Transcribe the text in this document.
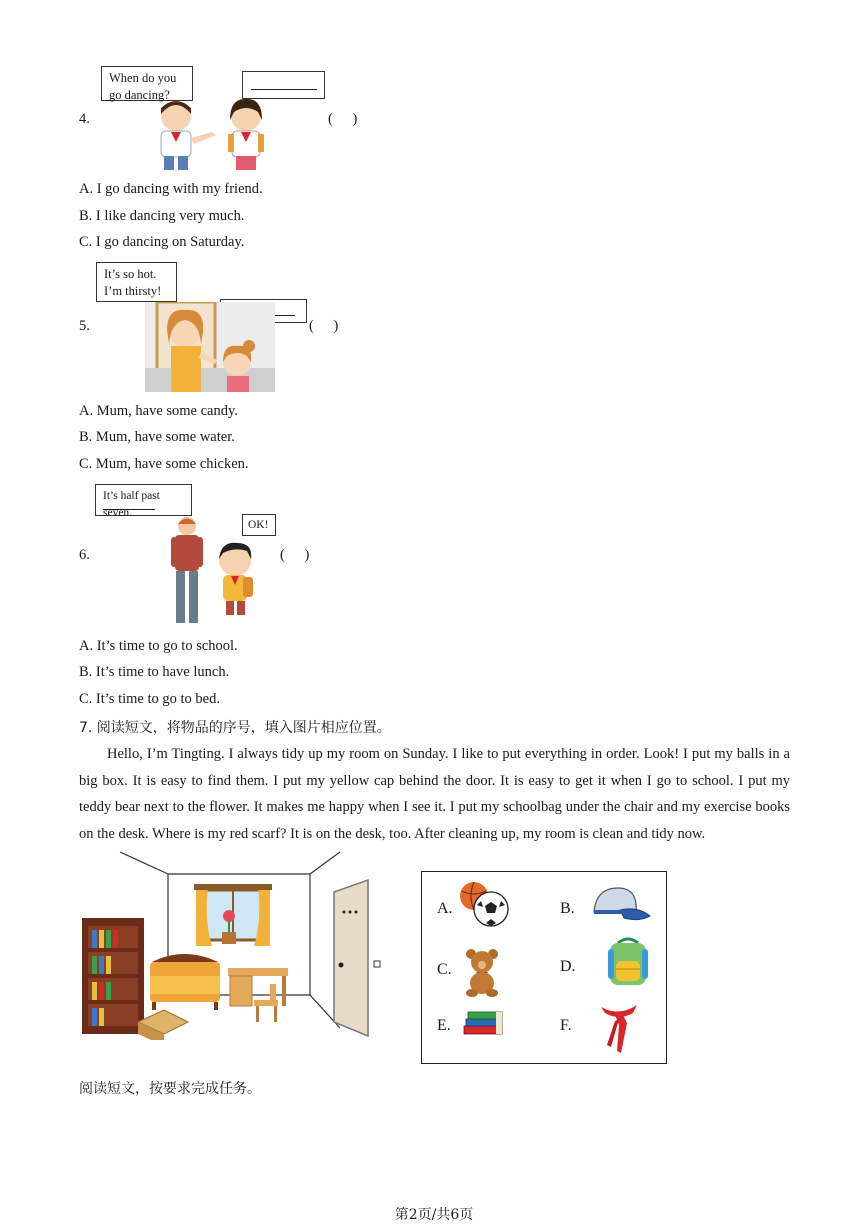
When do you go dancing?
4.	( )
A. I go dancing with my friend.
B. I like dancing very much.
C. I go dancing on Saturday.
It’s so hot.
I’m thirsty!
5.	( )
A. Mum, have some candy.
B. Mum, have some water.
C. Mum, have some chicken.
It’s half past seven.
OK!
6.	( )
A. It’s time to go to school.
B. It’s time to have lunch.
C. It’s time to go to bed.
7. 阅读短文，将物品的序号，填入图片相应位置。
Hello, I’m Tingting. I always tidy up my room on Sunday. I like to put everything in order. Look! I put my balls in a big box. It is easy to find them. I put my yellow cap behind the door. It is easy to get it when I go to school. I put my teddy bear next to the flower. It makes me happy when I see it. I put my schoolbag under the chair and my exercise books on the desk. Where is my red scarf? It is on the desk, too. After cleaning up, my room is clean and tidy now.
A.	B.
C.	D.
E.	F.
阅读短文，按要求完成任务。
第2页/共6页
